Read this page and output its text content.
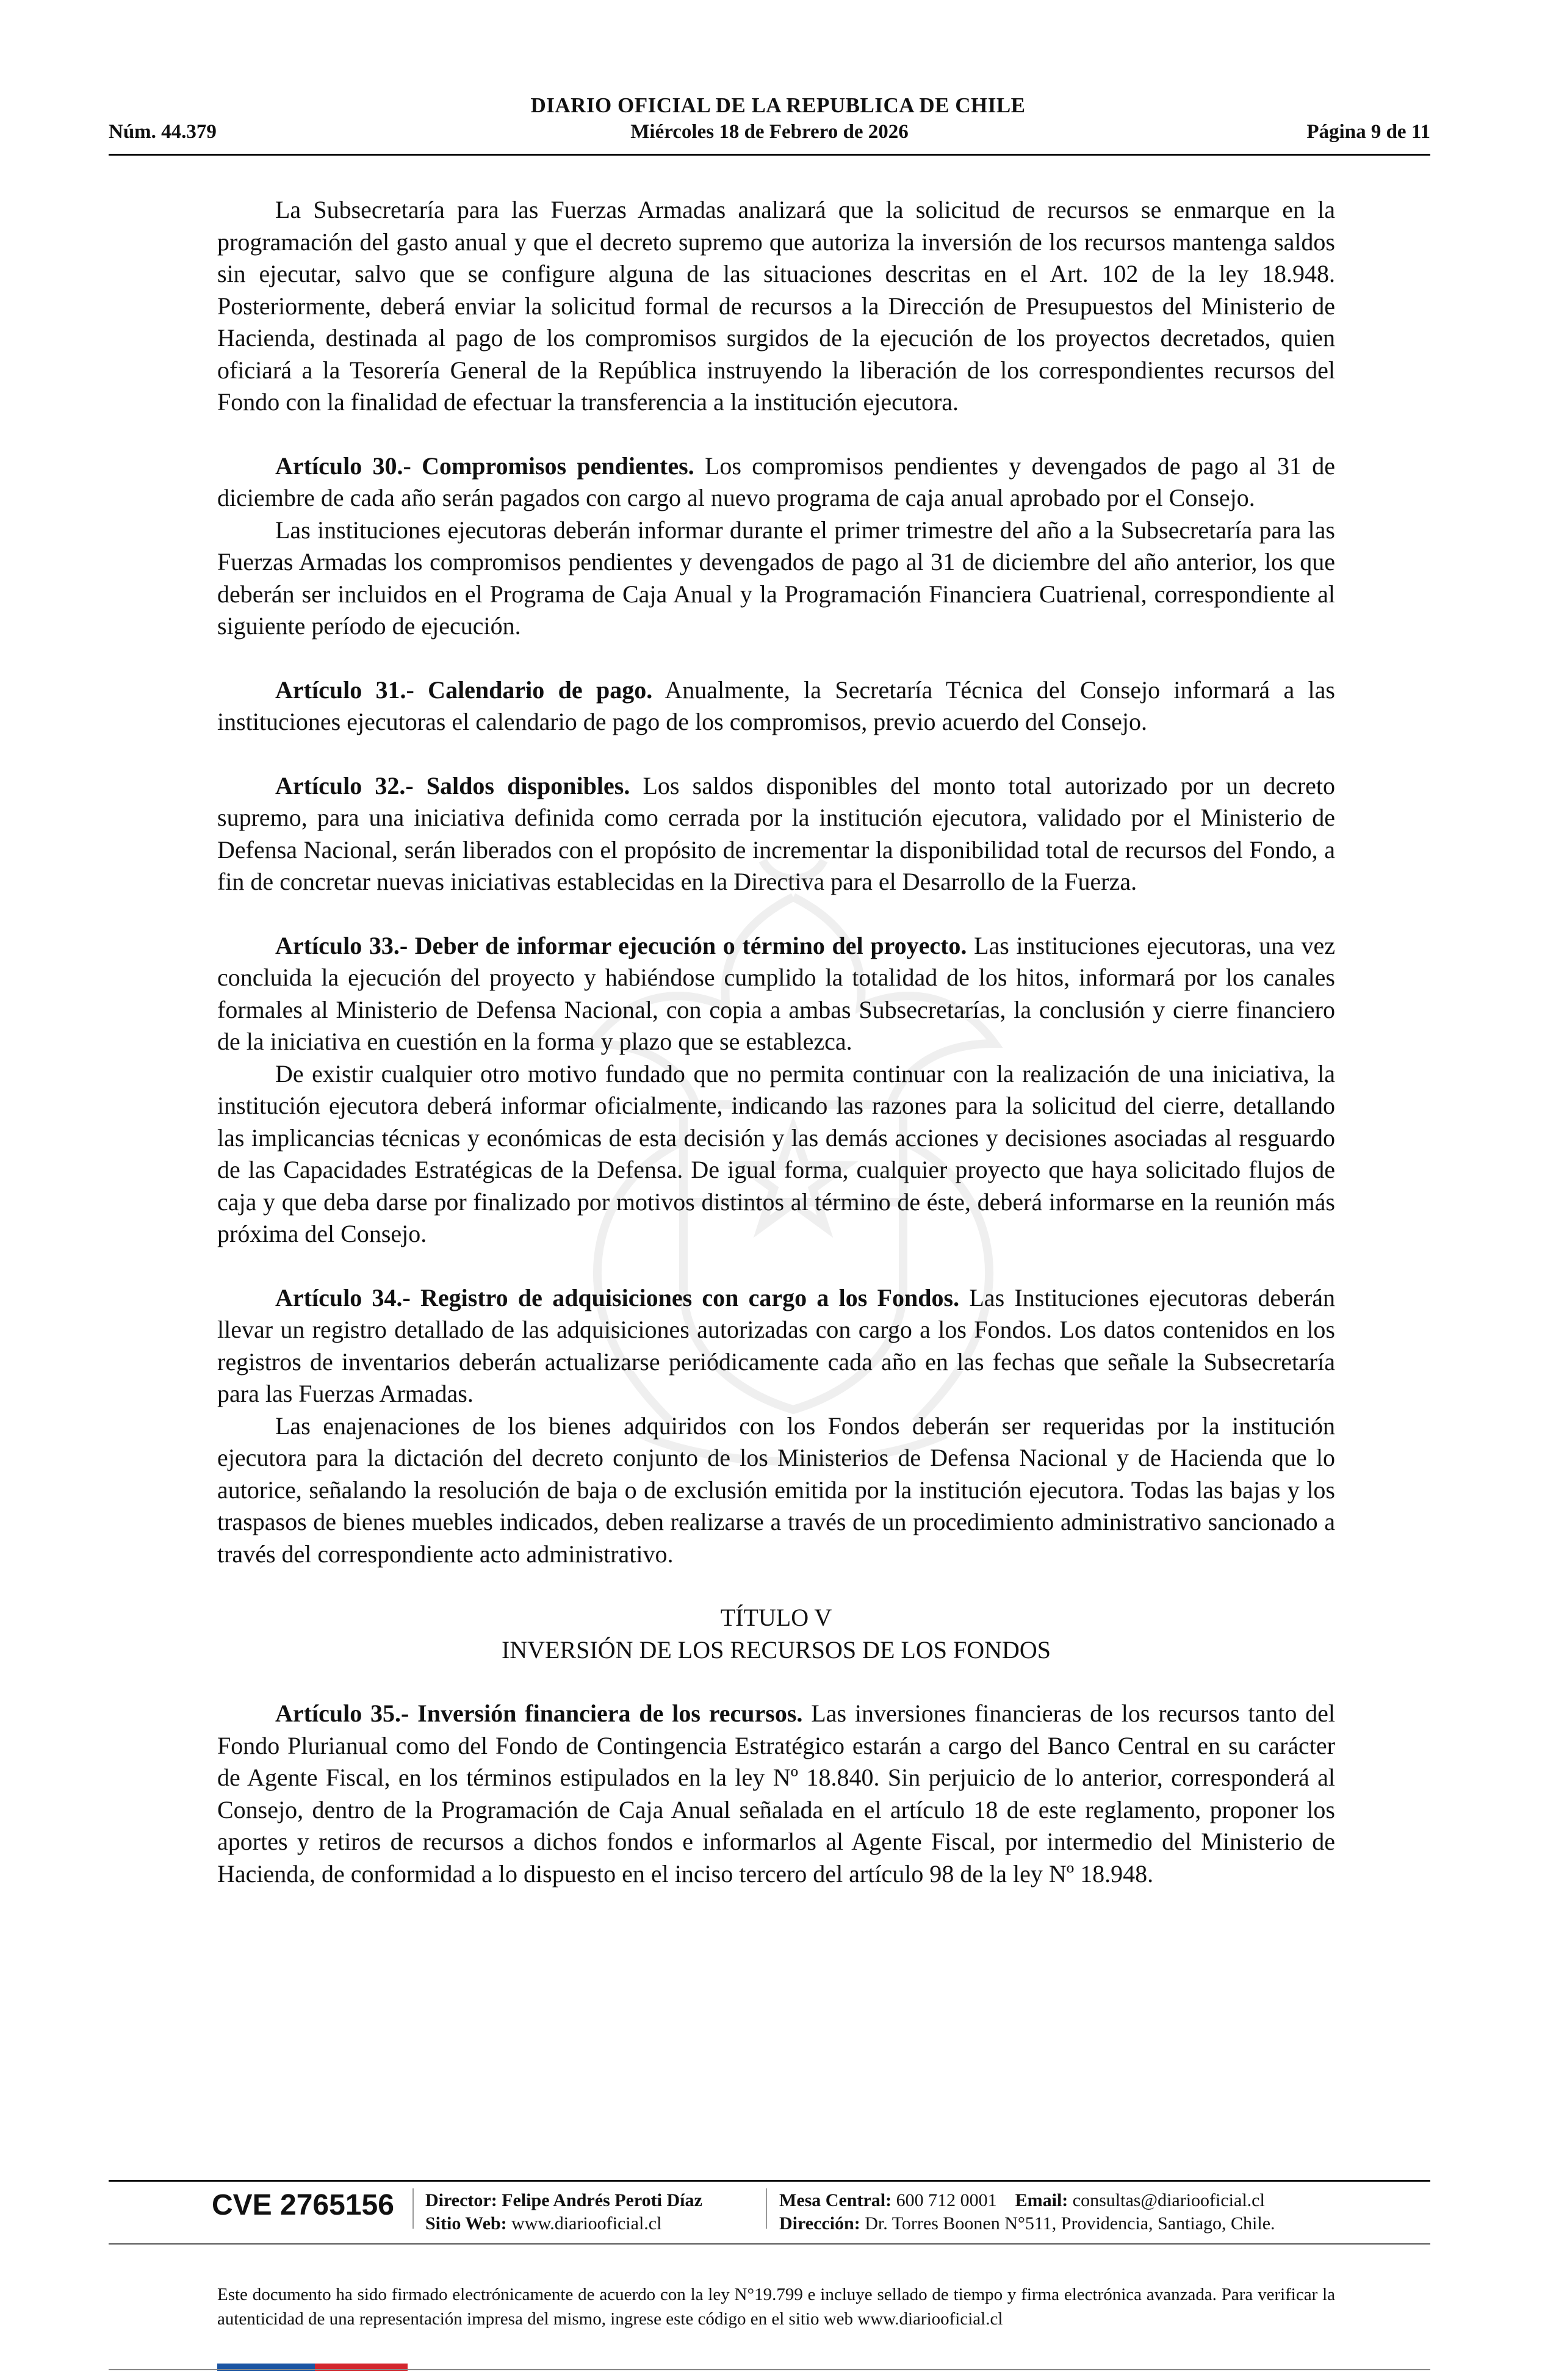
DIARIO OFICIAL DE LA REPUBLICA DE CHILE
Miércoles 18 de Febrero de 2026
Núm. 44.379	Página 9 de 11

La Subsecretaría para las Fuerzas Armadas analizará que la solicitud de recursos se enmarque en la programación del gasto anual y que el decreto supremo que autoriza la inversión de los recursos mantenga saldos sin ejecutar, salvo que se configure alguna de las situaciones descritas en el Art. 102 de la ley 18.948. Posteriormente, deberá enviar la solicitud formal de recursos a la Dirección de Presupuestos del Ministerio de Hacienda, destinada al pago de los compromisos surgidos de la ejecución de los proyectos decretados, quien oficiará a la Tesorería General de la República instruyendo la liberación de los correspondientes recursos del Fondo con la finalidad de efectuar la transferencia a la institución ejecutora.

Artículo 30.- Compromisos pendientes. Los compromisos pendientes y devengados de pago al 31 de diciembre de cada año serán pagados con cargo al nuevo programa de caja anual aprobado por el Consejo.

Las instituciones ejecutoras deberán informar durante el primer trimestre del año a la Subsecretaría para las Fuerzas Armadas los compromisos pendientes y devengados de pago al 31 de diciembre del año anterior, los que deberán ser incluidos en el Programa de Caja Anual y la Programación Financiera Cuatrienal, correspondiente al siguiente período de ejecución.

Artículo 31.- Calendario de pago. Anualmente, la Secretaría Técnica del Consejo informará a las instituciones ejecutoras el calendario de pago de los compromisos, previo acuerdo del Consejo.

Artículo 32.- Saldos disponibles. Los saldos disponibles del monto total autorizado por un decreto supremo, para una iniciativa definida como cerrada por la institución ejecutora, validado por el Ministerio de Defensa Nacional, serán liberados con el propósito de incrementar la disponibilidad total de recursos del Fondo, a fin de concretar nuevas iniciativas establecidas en la Directiva para el Desarrollo de la Fuerza.

Artículo 33.- Deber de informar ejecución o término del proyecto. Las instituciones ejecutoras, una vez concluida la ejecución del proyecto y habiéndose cumplido la totalidad de los hitos, informará por los canales formales al Ministerio de Defensa Nacional, con copia a ambas Subsecretarías, la conclusión y cierre financiero de la iniciativa en cuestión en la forma y plazo que se establezca.

De existir cualquier otro motivo fundado que no permita continuar con la realización de una iniciativa, la institución ejecutora deberá informar oficialmente, indicando las razones para la solicitud del cierre, detallando las implicancias técnicas y económicas de esta decisión y las demás acciones y decisiones asociadas al resguardo de las Capacidades Estratégicas de la Defensa. De igual forma, cualquier proyecto que haya solicitado flujos de caja y que deba darse por finalizado por motivos distintos al término de éste, deberá informarse en la reunión más próxima del Consejo.

Artículo 34.- Registro de adquisiciones con cargo a los Fondos. Las Instituciones ejecutoras deberán llevar un registro detallado de las adquisiciones autorizadas con cargo a los Fondos. Los datos contenidos en los registros de inventarios deberán actualizarse periódicamente cada año en las fechas que señale la Subsecretaría para las Fuerzas Armadas.

Las enajenaciones de los bienes adquiridos con los Fondos deberán ser requeridas por la institución ejecutora para la dictación del decreto conjunto de los Ministerios de Defensa Nacional y de Hacienda que lo autorice, señalando la resolución de baja o de exclusión emitida por la institución ejecutora. Todas las bajas y los traspasos de bienes muebles indicados, deben realizarse a través de un procedimiento administrativo sancionado a través del correspondiente acto administrativo.

TÍTULO V
INVERSIÓN DE LOS RECURSOS DE LOS FONDOS

Artículo 35.- Inversión financiera de los recursos. Las inversiones financieras de los recursos tanto del Fondo Plurianual como del Fondo de Contingencia Estratégico estarán a cargo del Banco Central en su carácter de Agente Fiscal, en los términos estipulados en la ley Nº 18.840. Sin perjuicio de lo anterior, corresponderá al Consejo, dentro de la Programación de Caja Anual señalada en el artículo 18 de este reglamento, proponer los aportes y retiros de recursos a dichos fondos e informarlos al Agente Fiscal, por intermedio del Ministerio de Hacienda, de conformidad a lo dispuesto en el inciso tercero del artículo 98 de la ley Nº 18.948.

CVE 2765156 Director: Felipe Andrés Peroti Díaz
Sitio Web: www.diariooficial.cl
Mesa Central: 600 712 0001 Email: consultas@diariooficial.cl
Dirección: Dr. Torres Boonen N°511, Providencia, Santiago, Chile.
Este documento ha sido firmado electrónicamente de acuerdo con la ley N°19.799 e incluye sellado de tiempo y firma electrónica avanzada. Para verificar la autenticidad de una representación impresa del mismo, ingrese este código en el sitio web www.diariooficial.cl
